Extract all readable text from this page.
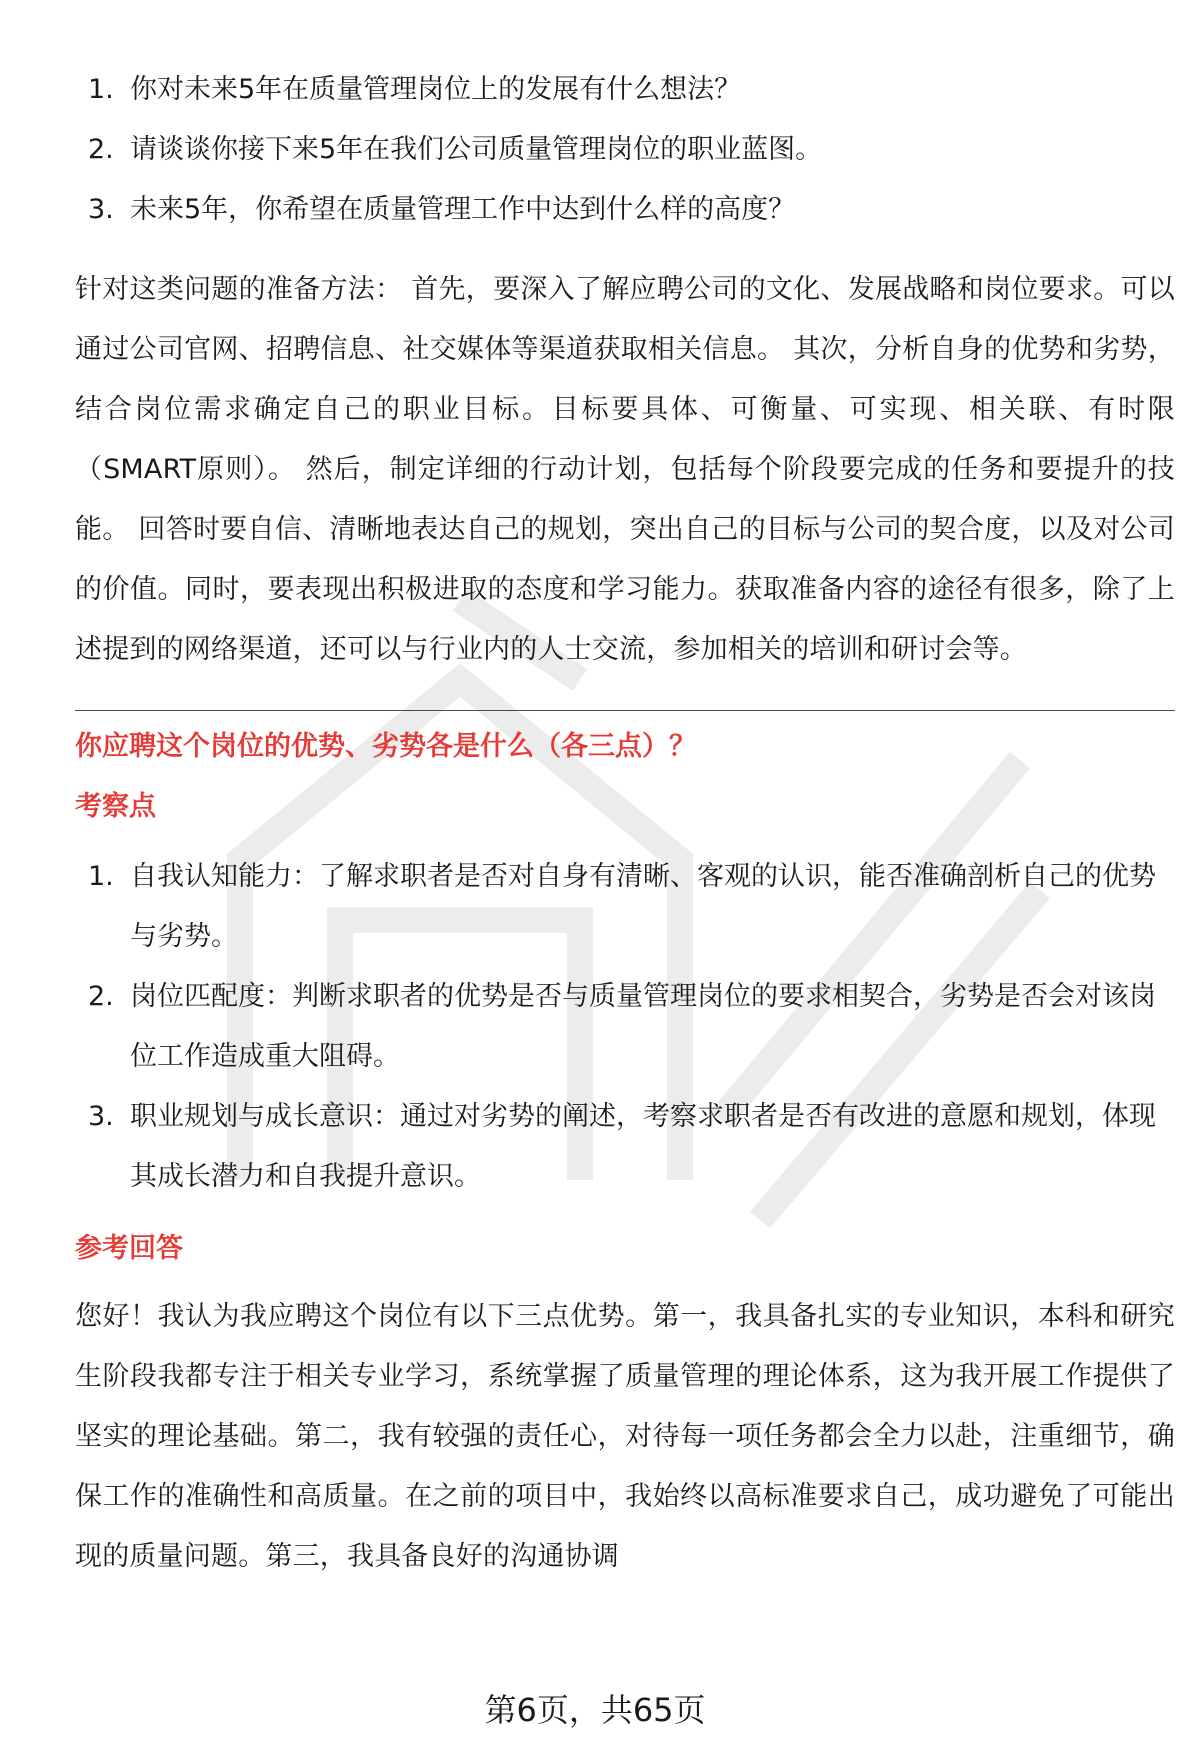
1. 你对未来5年在质量管理岗位上的发展有什么想法？
2. 请谈谈你接下来5年在我们公司质量管理岗位的职业蓝图。
3. 未来5年，你希望在质量管理工作中达到什么样的高度？

针对这类问题的准备方法： 首先，要深入了解应聘公司的文化、发展战略和岗位要求。可以通过公司官网、招聘信息、社交媒体等渠道获取相关信息。 其次，分析自身的优势和劣势，结合岗位需求确定自己的职业目标。目标要具体、可衡量、可实现、相关联、有时限（SMART原则）。 然后，制定详细的行动计划，包括每个阶段要完成的任务和要提升的技能。 回答时要自信、清晰地表达自己的规划，突出自己的目标与公司的契合度，以及对公司的价值。同时，要表现出积极进取的态度和学习能力。获取准备内容的途径有很多，除了上述提到的网络渠道，还可以与行业内的人士交流，参加相关的培训和研讨会等。

你应聘这个岗位的优势、劣势各是什么（各三点）？
考察点
1. 自我认知能力：了解求职者是否对自身有清晰、客观的认识，能否准确剖析自己的优势与劣势。
2. 岗位匹配度：判断求职者的优势是否与质量管理岗位的要求相契合，劣势是否会对该岗位工作造成重大阻碍。
3. 职业规划与成长意识：通过对劣势的阐述，考察求职者是否有改进的意愿和规划，体现其成长潜力和自我提升意识。
参考回答

您好！我认为我应聘这个岗位有以下三点优势。第一，我具备扎实的专业知识，本科和研究生阶段我都专注于相关专业学习，系统掌握了质量管理的理论体系，这为我开展工作提供了坚实的理论基础。第二，我有较强的责任心，对待每一项任务都会全力以赴，注重细节，确保工作的准确性和高质量。在之前的项目中，我始终以高标准要求自己，成功避免了可能出现的质量问题。第三，我具备良好的沟通协调

第6页，共65页
